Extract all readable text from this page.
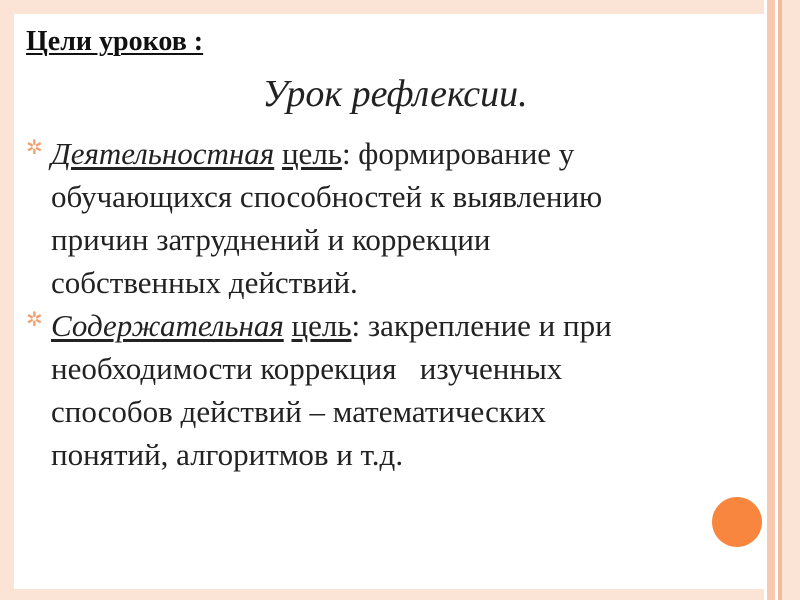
Цели уроков :
Урок рефлексии.
✲ Деятельностная цель: формирование у
обучающихся способностей к выявлению
причин затруднений и коррекции
собственных действий.
✲ Содержательная цель: закрепление и при
необходимости коррекция   изученных
способов действий – математических
понятий, алгоритмов и т.д.
